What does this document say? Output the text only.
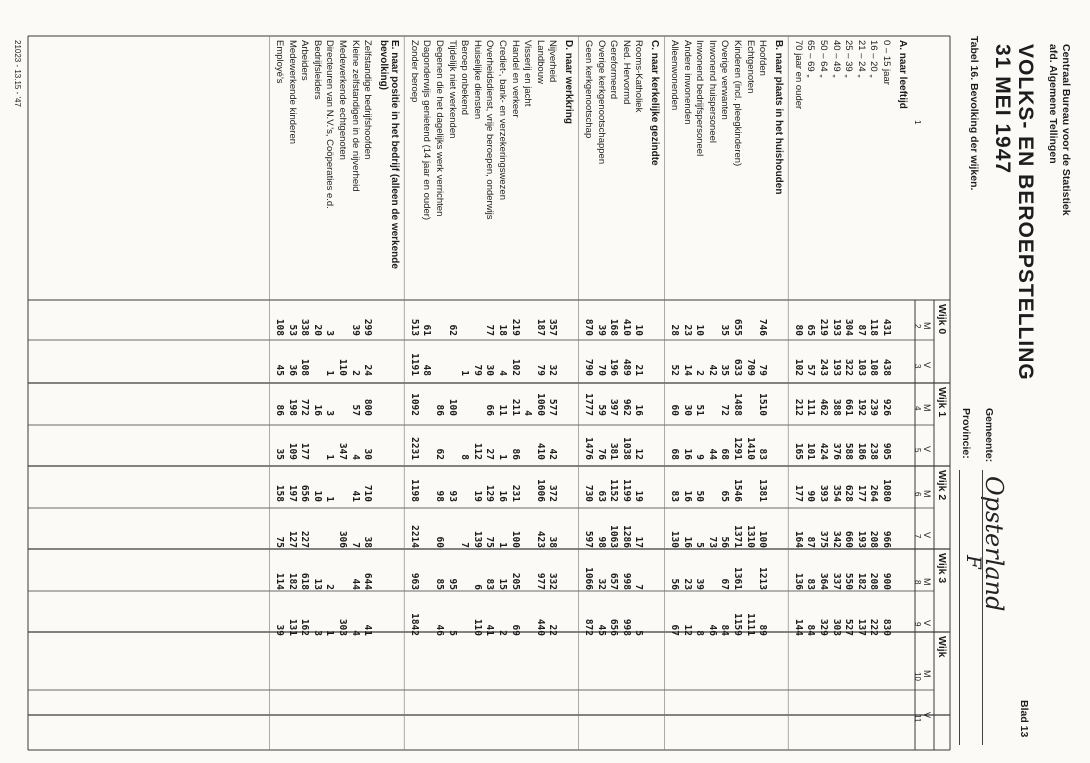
Centraal Bureau voor de Statistiek
afd. Algemene Tellingen
VOLKS- EN BEROEPSTELLING
31 MEI 1947
Tabel 16. Bevolking der wijken.
Gemeente:
Opsterland
Provincie:
F
Blad 13
Wijk 0
Wijk 1
Wijk 2
Wijk 3
Wijk
M
2
V
3
M
4
V
5
M
6
V
7
M
8
V
9
M
10
V
11
1
A. naar leeftijd
0 – 15 jaar
431
438
926
905
1080
966
900
830
16 – 20 „
118
108
239
238
264
208
208
222
21 – 24 „
87
103
192
186
177
193
182
137
25 – 39 „
304
322
661
588
628
660
550
527
40 – 49 „
193
193
388
376
354
342
337
303
50 – 64 „
219
243
462
424
393
375
364
329
65 – 69 „
65
57
111
101
90
87
83
84
70 jaar en ouder
80
102
212
165
177
164
136
144
B. naar plaats in het huishouden
Hoofden
746
79
1510
83
1381
100
1213
89
Echtgenoten
709
1410
1310
1111
Kinderen (incl. pleegkinderen)
655
633
1488
1291
1546
1371
1361
1159
Overige verwanten
35
35
72
68
65
56
67
84
Inwonend huispersoneel
42
44
73
46
Inwonend bedrijfspersoneel
10
2
51
9
50
5
39
8
Andere inwonenden
23
14
30
16
16
16
23
12
Alleenwonenden
28
52
60
68
83
130
56
67
C. naar kerkelijke gezindte
Rooms-Katholiek
10
21
16
12
19
17
7
5
Ned. Hervormd
410
489
962
1038
1199
1286
998
998
Gereformeerd
168
196
397
381
1152
1063
657
656
Overige kerkgenootschappen
39
70
59
76
63
98
32
45
Geen kerkgenootschap
870
790
1777
1476
730
597
1066
872
D. naar werkkring
Nijverheid
357
32
577
42
372
38
332
22
Landbouw
187
79
1060
410
1006
423
977
440
Visserij en jacht
4
Handel en verkeer
219
102
211
86
231
100
205
69
Crediet-, bank- en verzekeringswezen
18
4
11
1
16
1
15
2
Overheidsdienst, vrije beroepen, onderwijs
77
30
66
27
129
75
83
41
Huiselijke diensten
79
112
19
139
6
110
Beroep onbekend
1
8
7
Tijdelijk niet werkenden
62
100
93
95
5
Degenen die het dagelijks werk verrichten
86
62
98
60
85
46
Dagonderwijs genietend (14 jaar en ouder)
61
48
Zonder beroep
513
1191
1092
2231
1198
2214
963
1842
E. naar positie in het bedrijf (alleen de werkende bevolking)
Zelfstandige bedrijfshoofden
299
24
800
30
710
38
644
41
Kleine zelfstandigen in de nijverheid
39
2
57
4
41
7
44
4
Medewerkende echtgenoten
110
347
306
303
Directeuren van N.V.'s, Coöperaties e.d.
3
1
3
1
1
2
1
Bedrijfsleiders
20
16
10
13
3
Arbeiders
338
108
772
177
656
227
618
162
Medewerkende kinderen
53
36
198
109
197
127
182
131
Employé's
108
45
86
35
158
75
114
39
21023 - 13.15 - '47
